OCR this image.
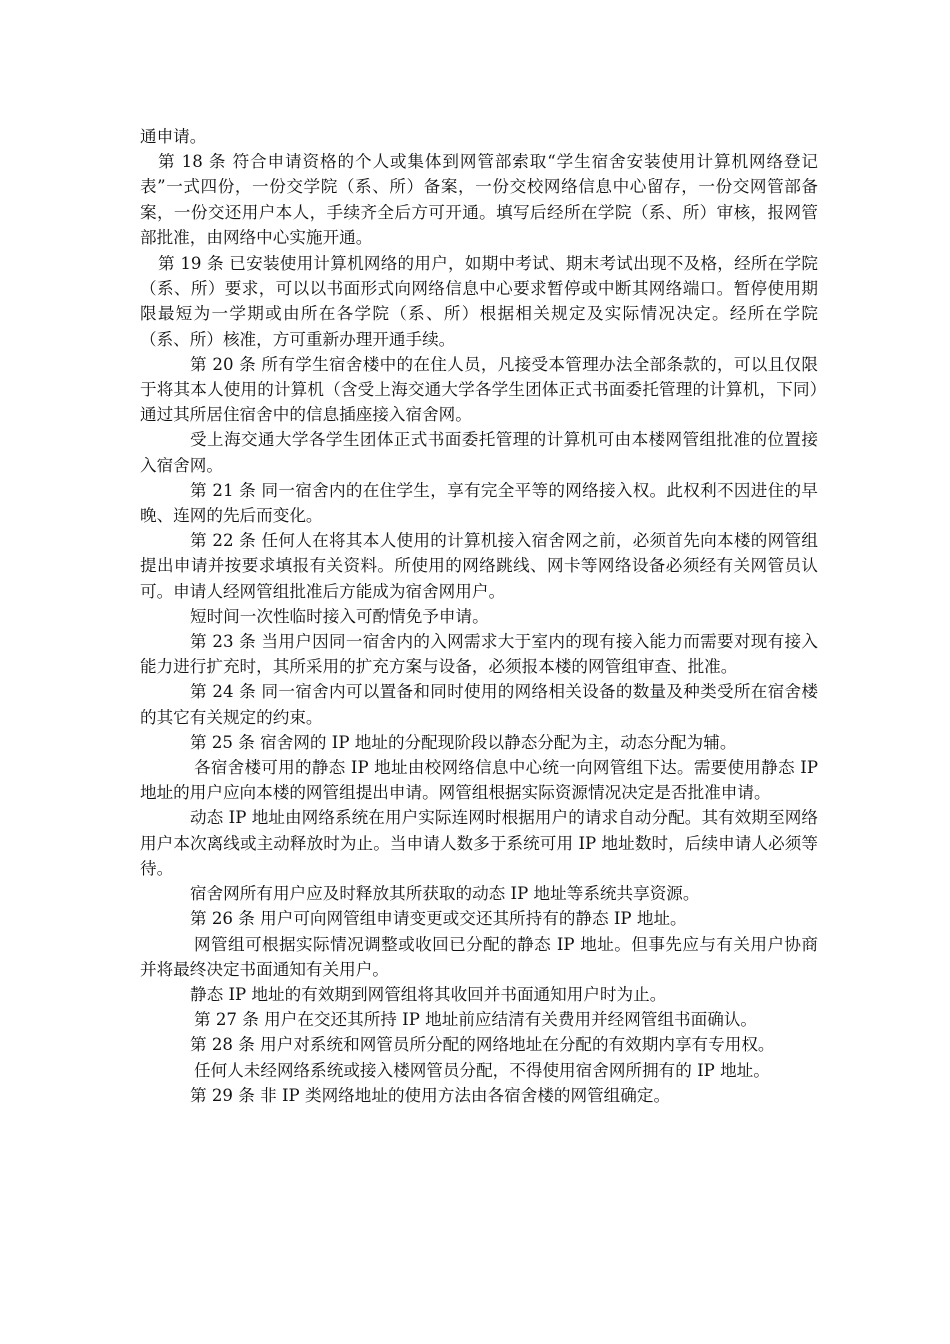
通申请。

第 18 条 符合申请资格的个人或集体到网管部索取“学生宿舍安装使用计算机网络登记表”一式四份，一份交学院（系、所）备案，一份交校网络信息中心留存，一份交网管部备案，一份交还用户本人，手续齐全后方可开通。填写后经所在学院（系、所）审核，报网管部批准，由网络中心实施开通。

第 19 条 已安装使用计算机网络的用户，如期中考试、期末考试出现不及格，经所在学院（系、所）要求，可以以书面形式向网络信息中心要求暂停或中断其网络端口。暂停使用期限最短为一学期或由所在各学院（系、所）根据相关规定及实际情况决定。经所在学院（系、所）核准，方可重新办理开通手续。

第 20 条 所有学生宿舍楼中的在住人员，凡接受本管理办法全部条款的，可以且仅限于将其本人使用的计算机（含受上海交通大学各学生团体正式书面委托管理的计算机，下同）通过其所居住宿舍中的信息插座接入宿舍网。

受上海交通大学各学生团体正式书面委托管理的计算机可由本楼网管组批准的位置接入宿舍网。

第 21 条 同一宿舍内的在住学生，享有完全平等的网络接入权。此权利不因进住的早晚、连网的先后而变化。

第 22 条 任何人在将其本人使用的计算机接入宿舍网之前，必须首先向本楼的网管组提出申请并按要求填报有关资料。所使用的网络跳线、网卡等网络设备必须经有关网管员认可。申请人经网管组批准后方能成为宿舍网用户。

短时间一次性临时接入可酌情免予申请。

第 23 条 当用户因同一宿舍内的入网需求大于室内的现有接入能力而需要对现有接入能力进行扩充时，其所采用的扩充方案与设备，必须报本楼的网管组审查、批准。

第 24 条 同一宿舍内可以置备和同时使用的网络相关设备的数量及种类受所在宿舍楼的其它有关规定的约束。

第 25 条 宿舍网的 IP 地址的分配现阶段以静态分配为主，动态分配为辅。

各宿舍楼可用的静态 IP 地址由校网络信息中心统一向网管组下达。需要使用静态 IP 地址的用户应向本楼的网管组提出申请。网管组根据实际资源情况决定是否批准申请。

动态 IP 地址由网络系统在用户实际连网时根据用户的请求自动分配。其有效期至网络用户本次离线或主动释放时为止。当申请人数多于系统可用 IP 地址数时，后续申请人必须等待。

宿舍网所有用户应及时释放其所获取的动态 IP 地址等系统共享资源。

第 26 条 用户可向网管组申请变更或交还其所持有的静态 IP 地址。

网管组可根据实际情况调整或收回已分配的静态 IP 地址。但事先应与有关用户协商并将最终决定书面通知有关用户。

静态 IP 地址的有效期到网管组将其收回并书面通知用户时为止。

第 27 条 用户在交还其所持 IP 地址前应结清有关费用并经网管组书面确认。

第 28 条 用户对系统和网管员所分配的网络地址在分配的有效期内享有专用权。

任何人未经网络系统或接入楼网管员分配，不得使用宿舍网所拥有的 IP 地址。

第 29 条 非 IP 类网络地址的使用方法由各宿舍楼的网管组确定。
